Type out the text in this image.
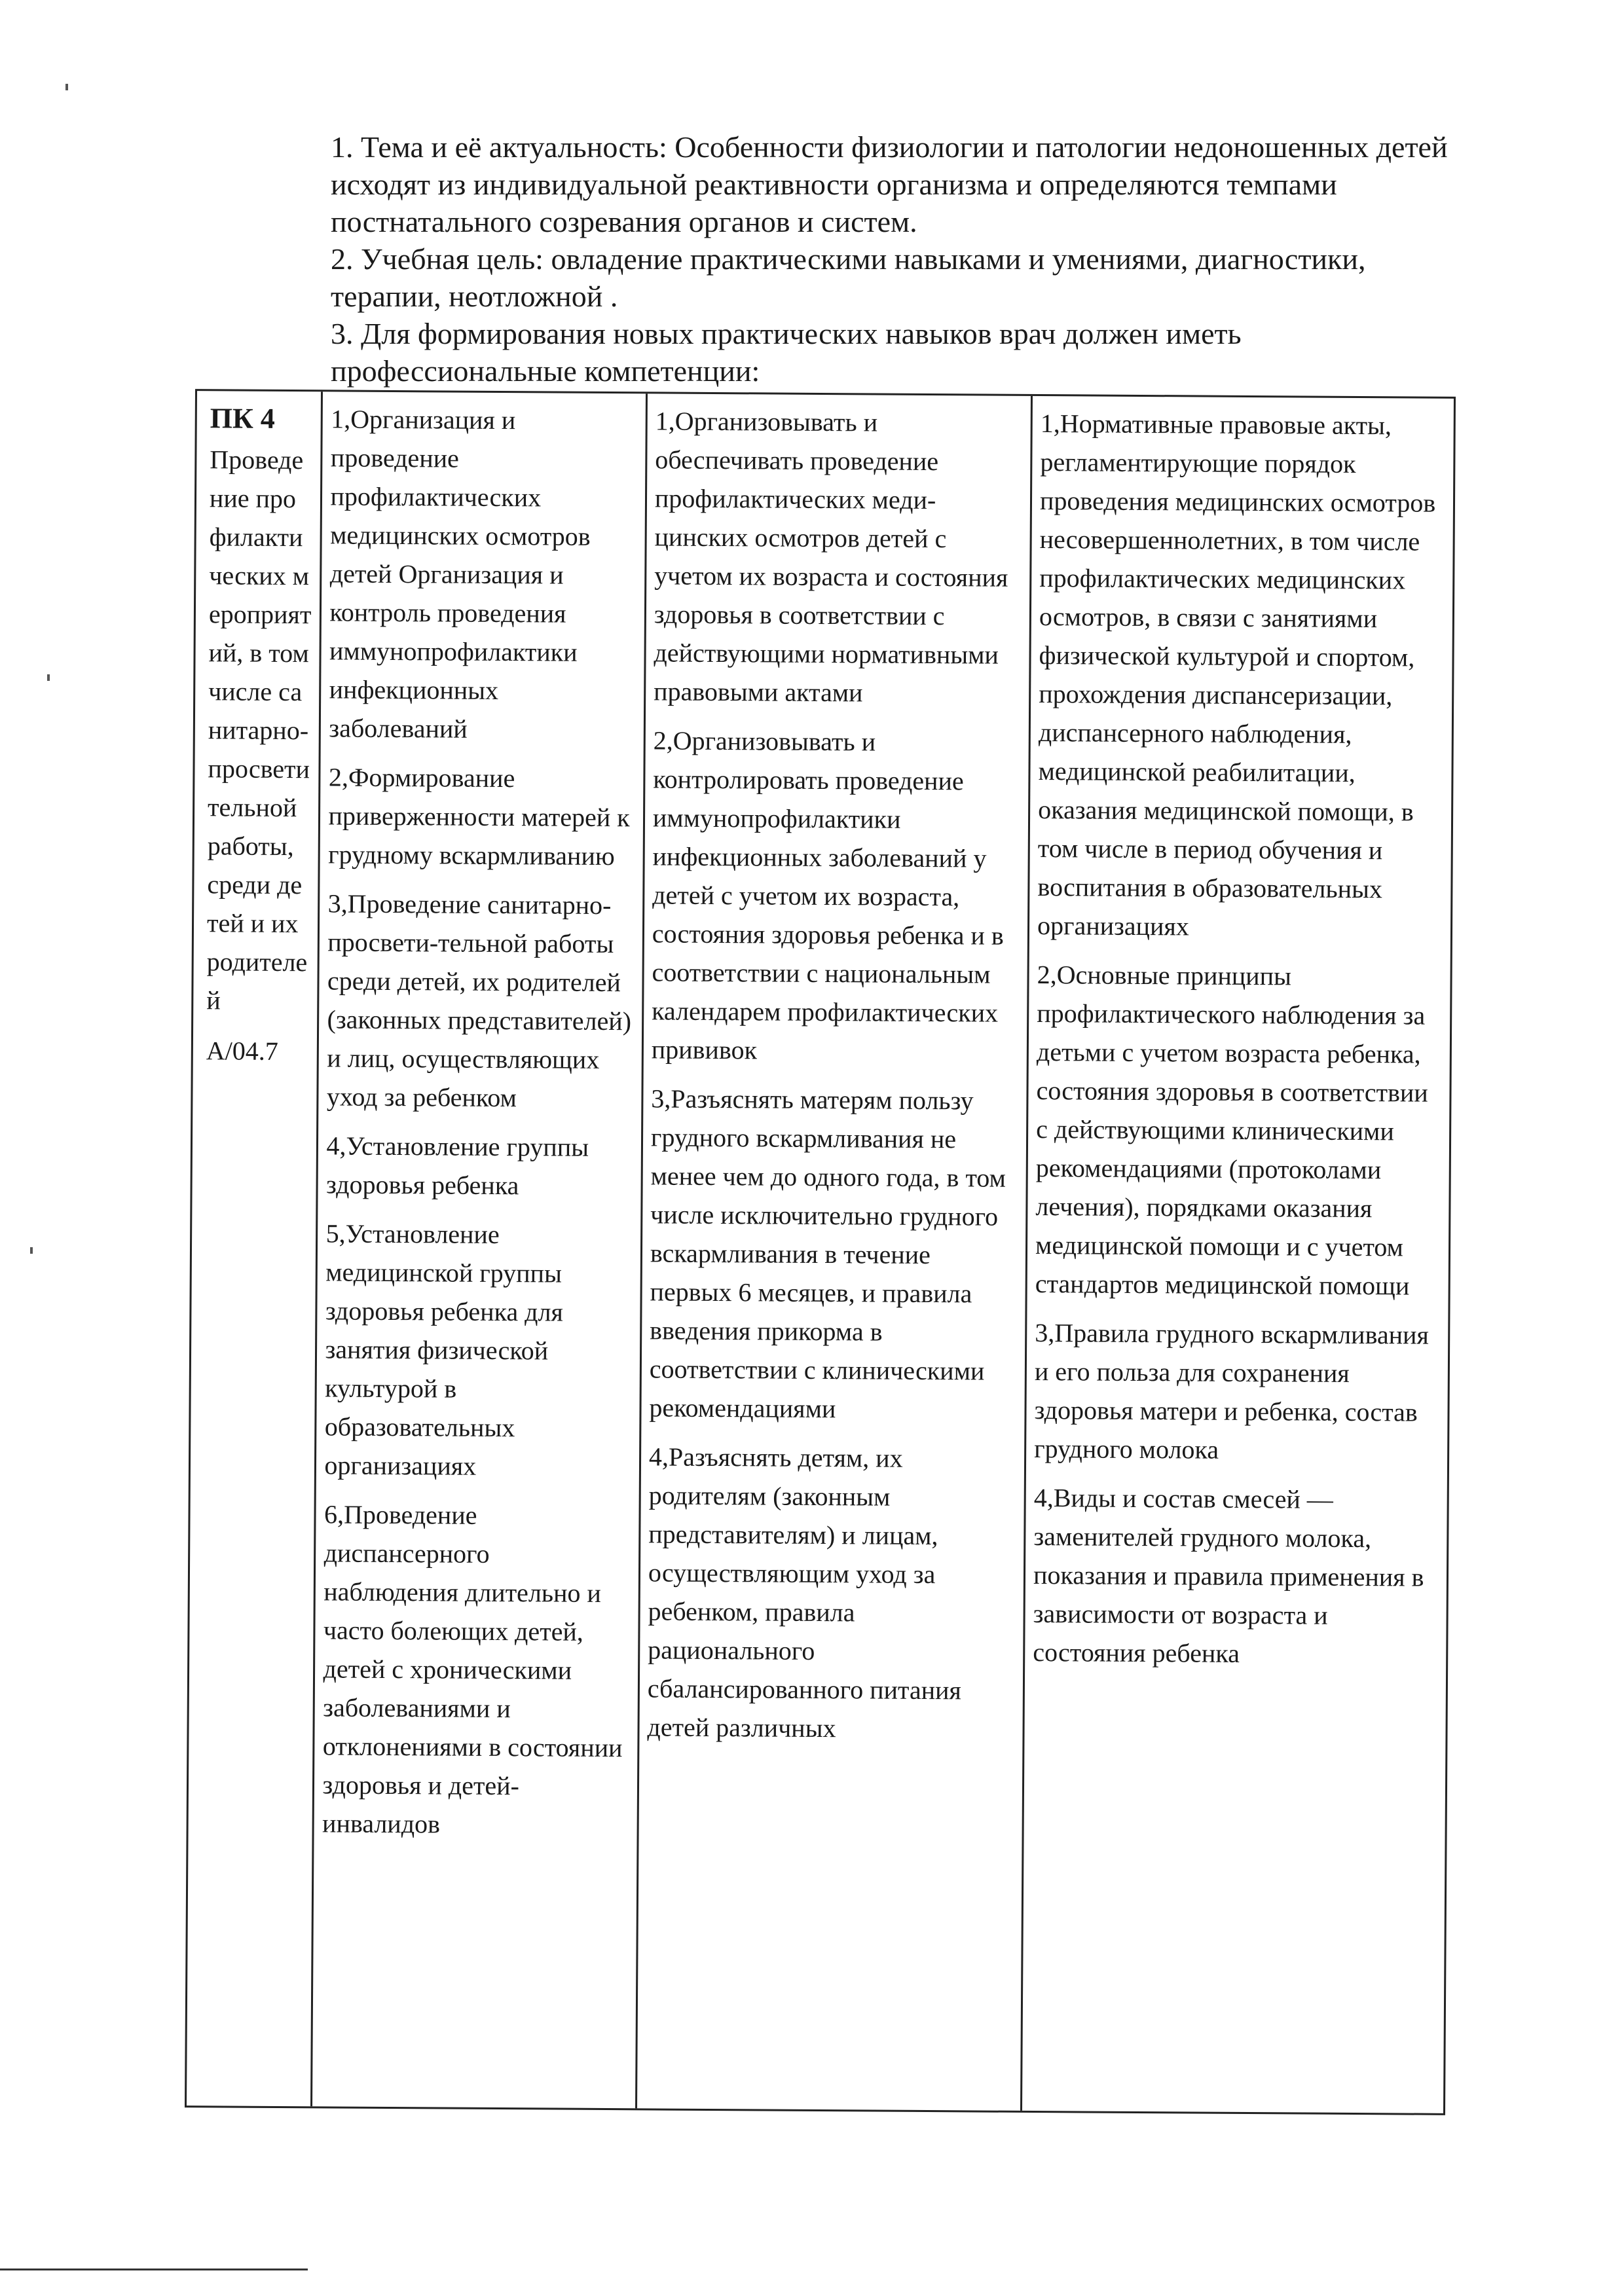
1. Тема и её актуальность: Особенности физиологии и патологии недоношенных детей исходят из индивидуальной реактивности организма и определяются темпами постнатального созревания органов и систем.

2. Учебная цель: овладение практическими навыками и умениями, диагностики, терапии, неотложной .

3. Для формирования новых практических навыков врач должен иметь профессиональные компетенции:

ПК 4
Проведение профилактических мероприятий, в том числе санитарно-просветительной работы, среди детей и их родителей
A/04.7
1,Организация и проведение профилактических медицинских осмотров детей Организация и контроль проведения иммунопрофилактики инфекционных заболеваний
2,Формирование приверженности матерей к грудному вскармливанию
3,Проведение санитарно-просвети-тельной работы среди детей, их родителей (законных представителей) и лиц, осуществляющих уход за ребенком
4,Установление группы здоровья ребенка
5,Установление медицинской группы здоровья ребенка для занятия физической культурой в образовательных организациях
6,Проведение диспансерного наблюдения длительно и часто болеющих детей, детей с хроническими заболеваниями и отклонениями в состоянии здоровья и детей-инвалидов
1,Организовывать и обеспечивать проведение профилактических меди-цинских осмотров детей с учетом их возраста и состояния здоровья в соответствии с действующими нормативными правовыми актами
2,Организовывать и контролировать проведение иммунопрофилактики инфекционных заболеваний у детей с учетом их возраста, состояния здоровья ребенка и в соответствии с национальным календарем профилактических прививок
3,Разъяснять матерям пользу грудного вскармливания не менее чем до одного года, в том числе исключительно грудного вскармливания в течение первых 6 месяцев, и правила введения прикорма в соответствии с клиническими рекомендациями
4,Разъяснять детям, их родителям (законным представителям) и лицам, осуществляющим уход за ребенком, правила рационального сбалансированного питания детей различных
1,Нормативные правовые акты, регламентирующие порядок проведения медицинских осмотров несовершеннолетних, в том числе профилактических медицинских осмотров, в связи с занятиями физической культурой и спортом, прохождения диспансеризации, диспансерного наблюдения, медицинской реабилитации, оказания медицинской помощи, в том числе в период обучения и воспитания в образовательных организациях
2,Основные принципы профилактического наблюдения за детьми с учетом возраста ребенка, состояния здоровья в соответствии с действующими клиническими рекомендациями (протоколами лечения), порядками оказания медицинской помощи и с учетом стандартов медицинской помощи
3,Правила грудного вскармливания и его польза для сохранения здоровья матери и ребенка, состав грудного молока
4,Виды и состав смесей — заменителей грудного молока, показания и правила применения в зависимости от возраста и состояния ребенка
